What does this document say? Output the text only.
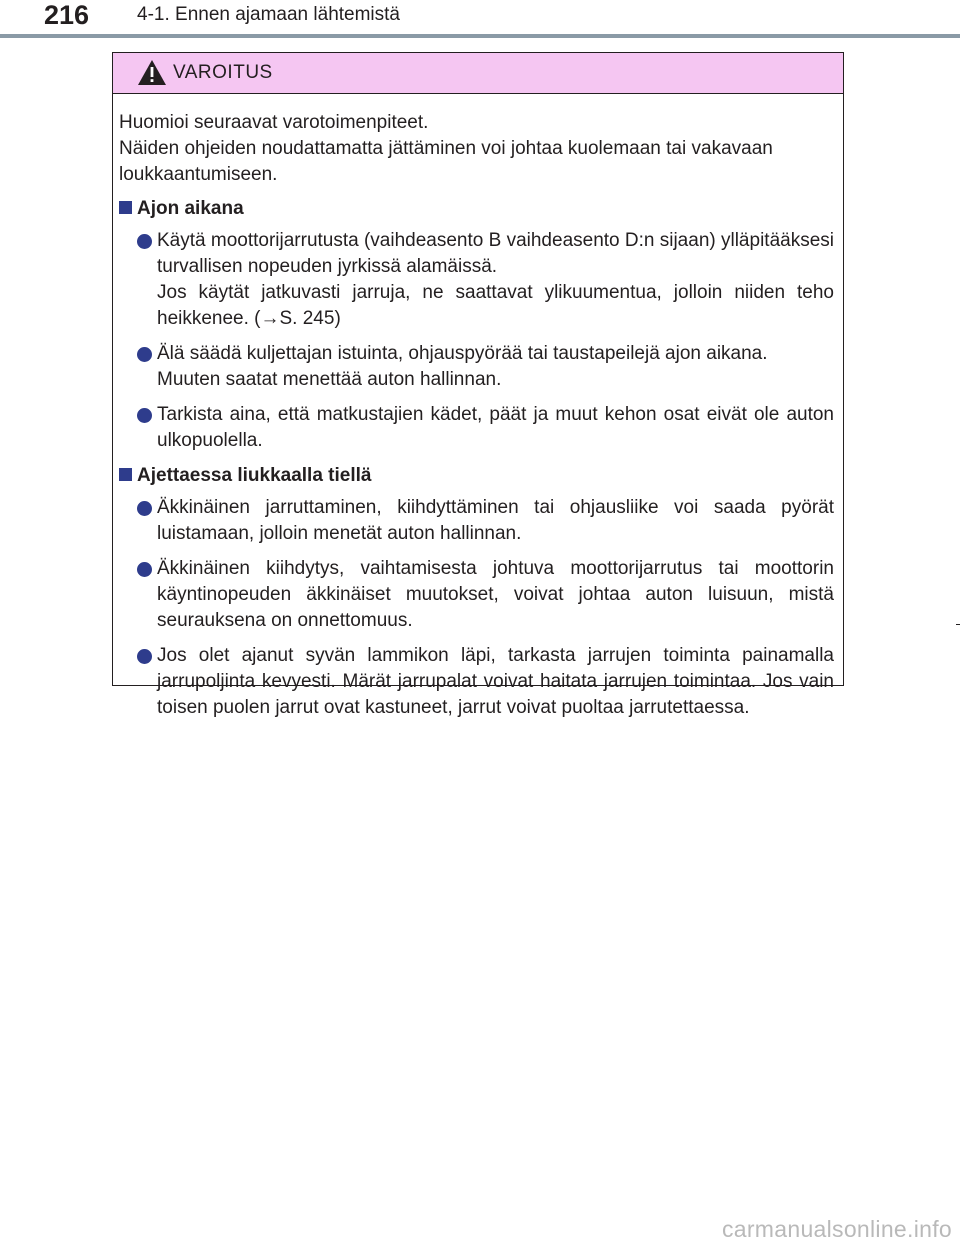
216	4-1. Ennen ajamaan lähtemistä
VAROITUS
Huomioi seuraavat varotoimenpiteet.
Näiden ohjeiden noudattamatta jättäminen voi johtaa kuolemaan tai vakavaan loukkaantumiseen.
Ajon aikana

Käytä moottorijarrutusta (vaihdeasento B vaihdeasento D:n sijaan) ylläpitääksesi turvallisen nopeuden jyrkissä alamäissä.

Jos käytät jatkuvasti jarruja, ne saattavat ylikuumentua, jolloin niiden teho heikkenee. (→S. 245)

Älä säädä kuljettajan istuinta, ohjauspyörää tai taustapeilejä ajon aikana.

Muuten saatat menettää auton hallinnan.

Tarkista aina, että matkustajien kädet, päät ja muut kehon osat eivät ole auton ulkopuolella.

Ajettaessa liukkaalla tiellä

Äkkinäinen jarruttaminen, kiihdyttäminen tai ohjausliike voi saada pyörät luistamaan, jolloin menetät auton hallinnan.

Äkkinäinen kiihdytys, vaihtamisesta johtuva moottorijarrutus tai moottorin käyntinopeuden äkkinäiset muutokset, voivat johtaa auton luisuun, mistä seurauksena on onnettomuus.

Jos olet ajanut syvän lammikon läpi, tarkasta jarrujen toiminta painamalla jarrupoljinta kevyesti. Märät jarrupalat voivat haitata jarrujen toimintaa. Jos vain toisen puolen jarrut ovat kastuneet, jarrut voivat puoltaa jarrutettaessa.

carmanualsonline.info
